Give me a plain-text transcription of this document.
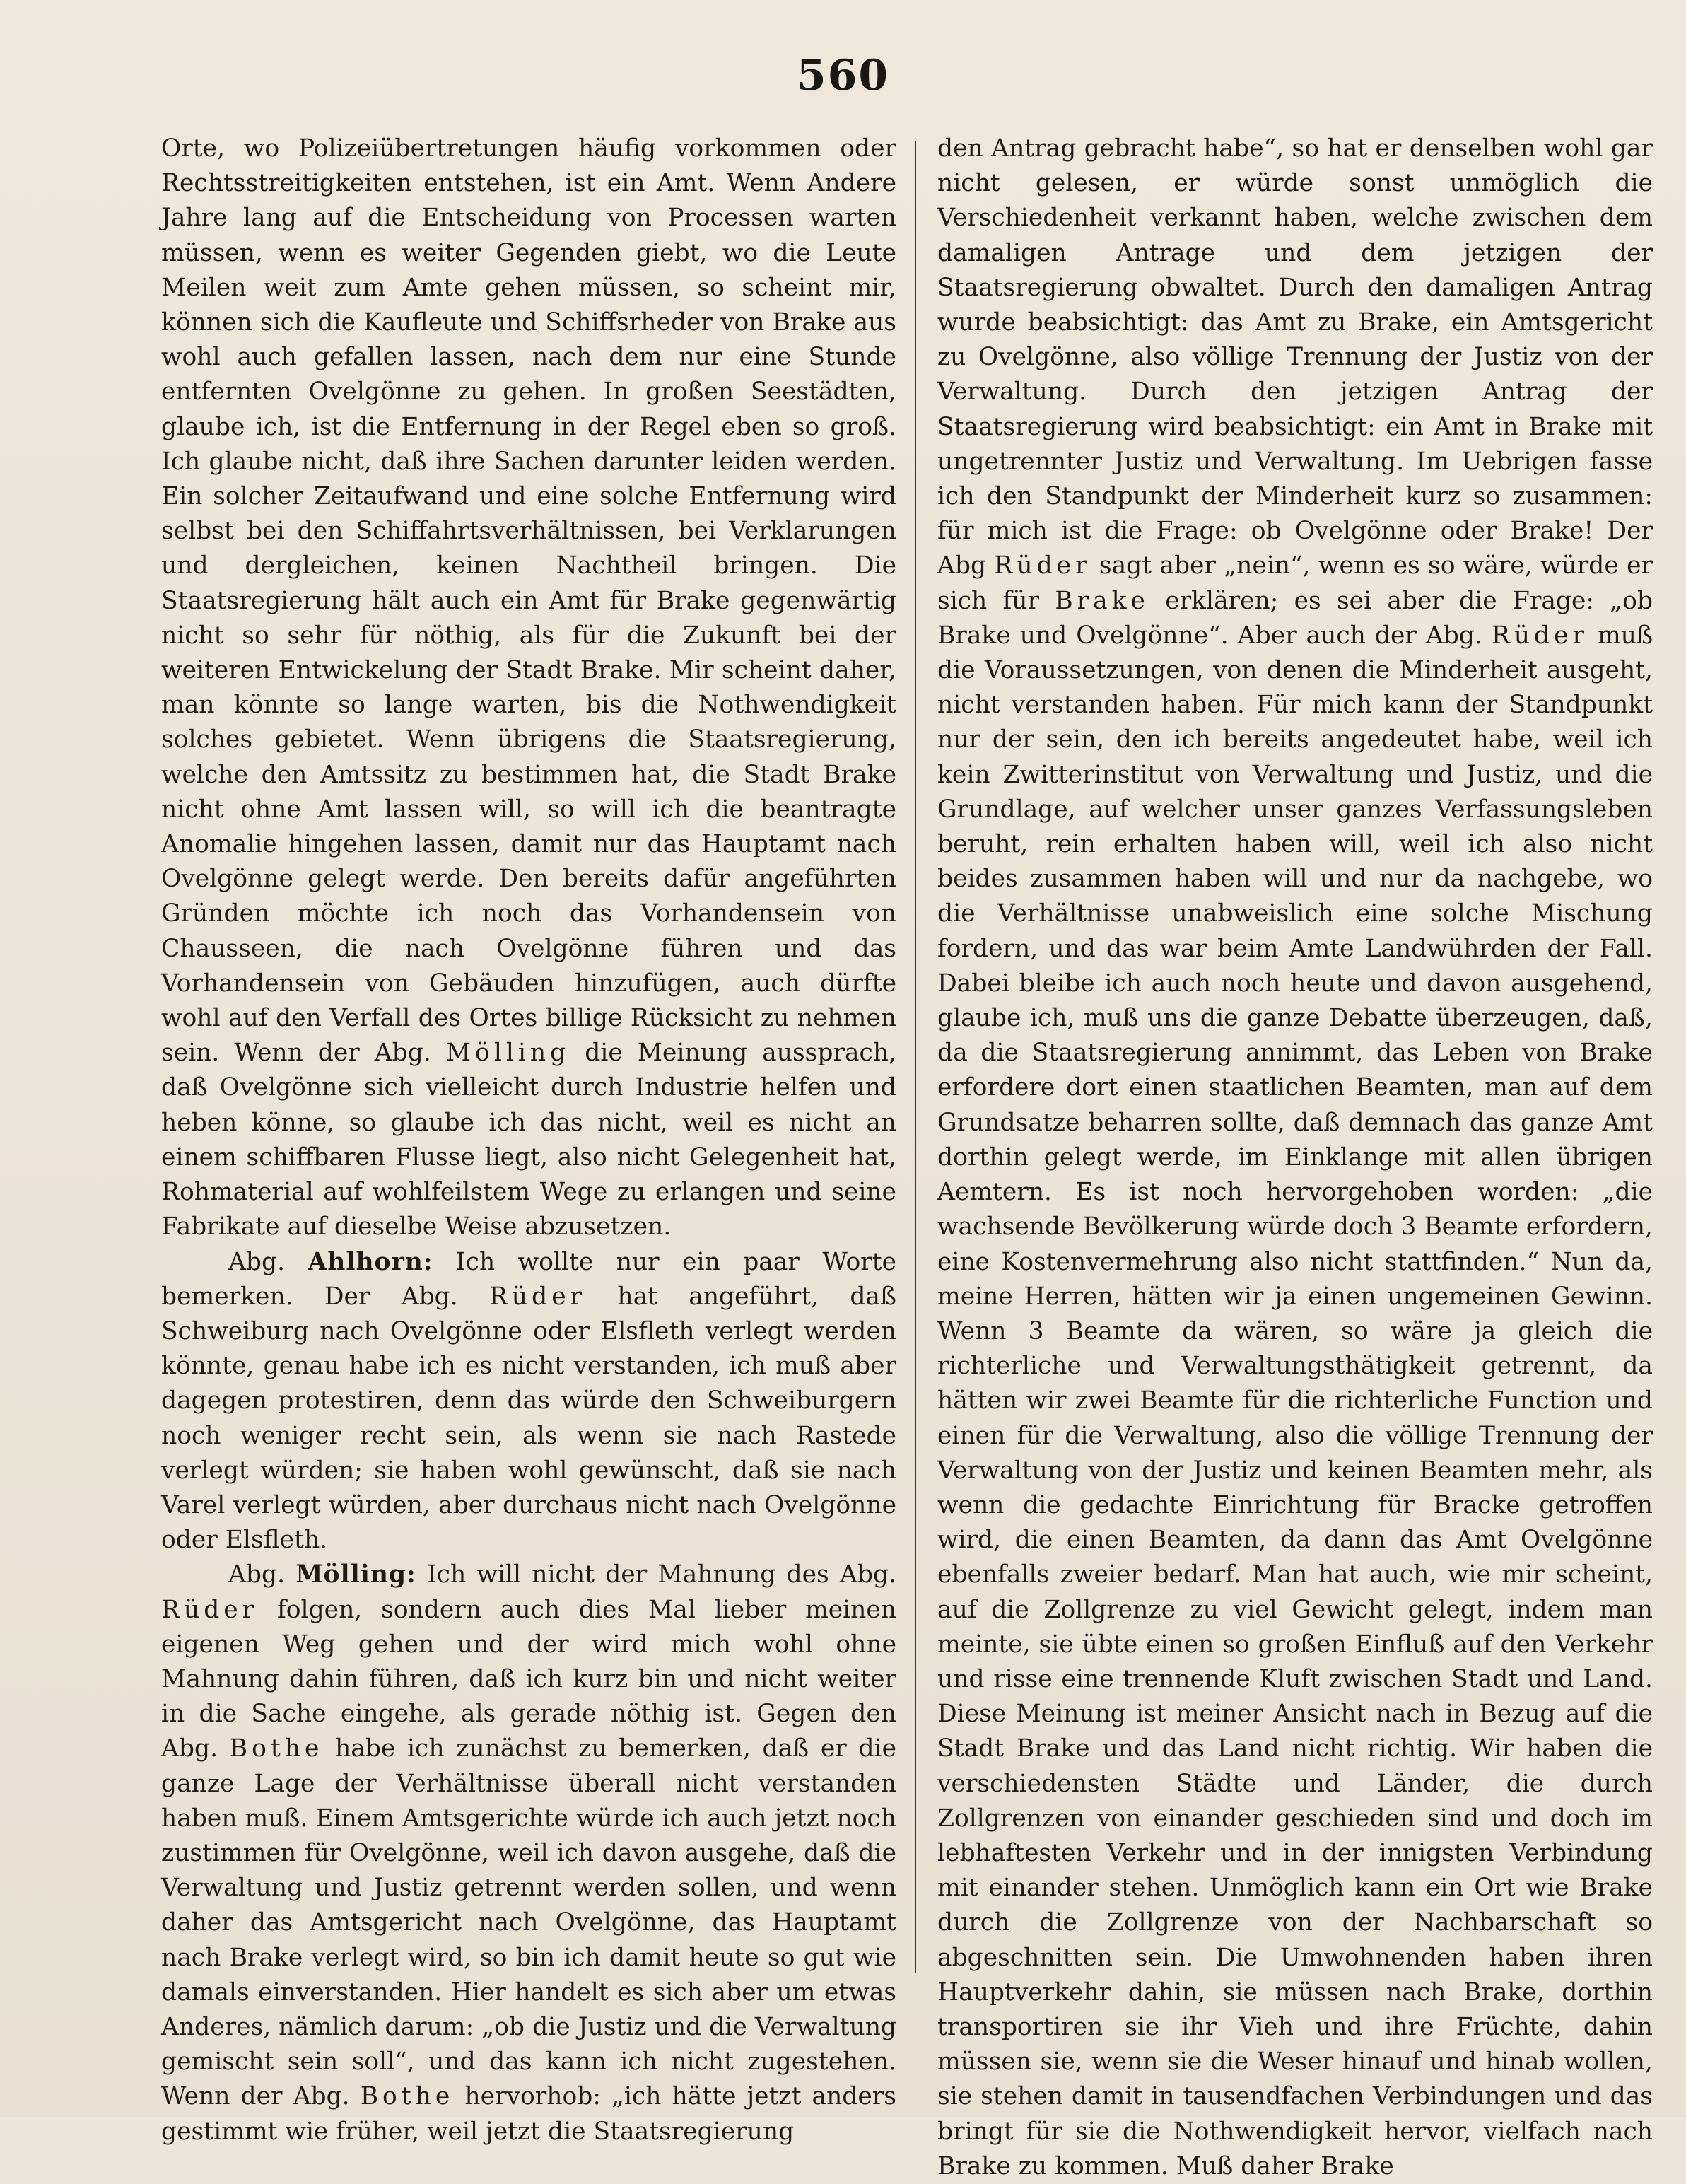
560

Orte, wo Polizeiübertretungen häufig vorkommen oder Rechtsstreitigkeiten entstehen, ist ein Amt. Wenn Andere Jahre lang auf die Entscheidung von Processen warten müssen, wenn es weiter Gegenden giebt, wo die Leute Meilen weit zum Amte gehen müssen, so scheint mir, können sich die Kaufleute und Schiffsrheder von Brake aus wohl auch gefallen lassen, nach dem nur eine Stunde entfernten Ovelgönne zu gehen. In großen Seestädten, glaube ich, ist die Entfernung in der Regel eben so groß. Ich glaube nicht, daß ihre Sachen darunter leiden werden. Ein solcher Zeitaufwand und eine solche Entfernung wird selbst bei den Schiffahrtsverhältnissen, bei Verklarungen und dergleichen, keinen Nachtheil bringen. Die Staatsregierung hält auch ein Amt für Brake gegenwärtig nicht so sehr für nöthig, als für die Zukunft bei der weiteren Entwickelung der Stadt Brake. Mir scheint daher, man könnte so lange warten, bis die Nothwendigkeit solches gebietet. Wenn übrigens die Staatsregierung, welche den Amtssitz zu bestimmen hat, die Stadt Brake nicht ohne Amt lassen will, so will ich die beantragte Anomalie hingehen lassen, damit nur das Hauptamt nach Ovelgönne gelegt werde. Den bereits dafür angeführten Gründen möchte ich noch das Vorhandensein von Chausseen, die nach Ovelgönne führen und das Vorhandensein von Gebäuden hinzufügen, auch dürfte wohl auf den Verfall des Ortes billige Rücksicht zu nehmen sein. Wenn der Abg. Mölling die Meinung aussprach, daß Ovelgönne sich vielleicht durch Industrie helfen und heben könne, so glaube ich das nicht, weil es nicht an einem schiffbaren Flusse liegt, also nicht Gelegenheit hat, Rohmaterial auf wohlfeilstem Wege zu erlangen und seine Fabrikate auf dieselbe Weise abzusetzen.

Abg. Ahlhorn: Ich wollte nur ein paar Worte bemerken. Der Abg. Rüder hat angeführt, daß Schweiburg nach Ovelgönne oder Elsfleth verlegt werden könnte, genau habe ich es nicht verstanden, ich muß aber dagegen protestiren, denn das würde den Schweiburgern noch weniger recht sein, als wenn sie nach Rastede verlegt würden; sie haben wohl gewünscht, daß sie nach Varel verlegt würden, aber durchaus nicht nach Ovelgönne oder Elsfleth.

Abg. Mölling: Ich will nicht der Mahnung des Abg. Rüder folgen, sondern auch dies Mal lieber meinen eigenen Weg gehen und der wird mich wohl ohne Mahnung dahin führen, daß ich kurz bin und nicht weiter in die Sache eingehe, als gerade nöthig ist. Gegen den Abg. Bothe habe ich zunächst zu bemerken, daß er die ganze Lage der Verhältnisse überall nicht verstanden haben muß. Einem Amtsgerichte würde ich auch jetzt noch zustimmen für Ovelgönne, weil ich davon ausgehe, daß die Verwaltung und Justiz getrennt werden sollen, und wenn daher das Amtsgericht nach Ovelgönne, das Hauptamt nach Brake verlegt wird, so bin ich damit heute so gut wie damals einverstanden. Hier handelt es sich aber um etwas Anderes, nämlich darum: „ob die Justiz und die Verwaltung gemischt sein soll“, und das kann ich nicht zugestehen. Wenn der Abg. Bothe hervorhob: „ich hätte jetzt anders gestimmt wie früher, weil jetzt die Staatsregierung

den Antrag gebracht habe“, so hat er denselben wohl gar nicht gelesen, er würde sonst unmöglich die Verschiedenheit verkannt haben, welche zwischen dem damaligen Antrage und dem jetzigen der Staatsregierung obwaltet. Durch den damaligen Antrag wurde beabsichtigt: das Amt zu Brake, ein Amtsgericht zu Ovelgönne, also völlige Trennung der Justiz von der Verwaltung. Durch den jetzigen Antrag der Staatsregierung wird beabsichtigt: ein Amt in Brake mit ungetrennter Justiz und Verwaltung. Im Uebrigen fasse ich den Standpunkt der Minderheit kurz so zusammen: für mich ist die Frage: ob Ovelgönne oder Brake! Der Abg Rüder sagt aber „nein“, wenn es so wäre, würde er sich für Brake erklären; es sei aber die Frage: „ob Brake und Ovelgönne“. Aber auch der Abg. Rüder muß die Voraussetzungen, von denen die Minderheit ausgeht, nicht verstanden haben. Für mich kann der Standpunkt nur der sein, den ich bereits angedeutet habe, weil ich kein Zwitterinstitut von Verwaltung und Justiz, und die Grundlage, auf welcher unser ganzes Verfassungsleben beruht, rein erhalten haben will, weil ich also nicht beides zusammen haben will und nur da nachgebe, wo die Verhältnisse unabweislich eine solche Mischung fordern, und das war beim Amte Landwührden der Fall. Dabei bleibe ich auch noch heute und davon ausgehend, glaube ich, muß uns die ganze Debatte überzeugen, daß, da die Staatsregierung annimmt, das Leben von Brake erfordere dort einen staatlichen Beamten, man auf dem Grundsatze beharren sollte, daß demnach das ganze Amt dorthin gelegt werde, im Einklange mit allen übrigen Aemtern. Es ist noch hervorgehoben worden: „die wachsende Bevölkerung würde doch 3 Beamte erfordern, eine Kostenvermehrung also nicht stattfinden.“ Nun da, meine Herren, hätten wir ja einen ungemeinen Gewinn. Wenn 3 Beamte da wären, so wäre ja gleich die richterliche und Verwaltungsthätigkeit getrennt, da hätten wir zwei Beamte für die richterliche Function und einen für die Verwaltung, also die völlige Trennung der Verwaltung von der Justiz und keinen Beamten mehr, als wenn die gedachte Einrichtung für Bracke getroffen wird, die einen Beamten, da dann das Amt Ovelgönne ebenfalls zweier bedarf. Man hat auch, wie mir scheint, auf die Zollgrenze zu viel Gewicht gelegt, indem man meinte, sie übte einen so großen Einfluß auf den Verkehr und risse eine trennende Kluft zwischen Stadt und Land. Diese Meinung ist meiner Ansicht nach in Bezug auf die Stadt Brake und das Land nicht richtig. Wir haben die verschiedensten Städte und Länder, die durch Zollgrenzen von einander geschieden sind und doch im lebhaftesten Verkehr und in der innigsten Verbindung mit einander stehen. Unmöglich kann ein Ort wie Brake durch die Zollgrenze von der Nachbarschaft so abgeschnitten sein. Die Umwohnenden haben ihren Hauptverkehr dahin, sie müssen nach Brake, dorthin transportiren sie ihr Vieh und ihre Früchte, dahin müssen sie, wenn sie die Weser hinauf und hinab wollen, sie stehen damit in tausendfachen Verbindungen und das bringt für sie die Nothwendigkeit hervor, vielfach nach Brake zu kommen. Muß daher Brake
